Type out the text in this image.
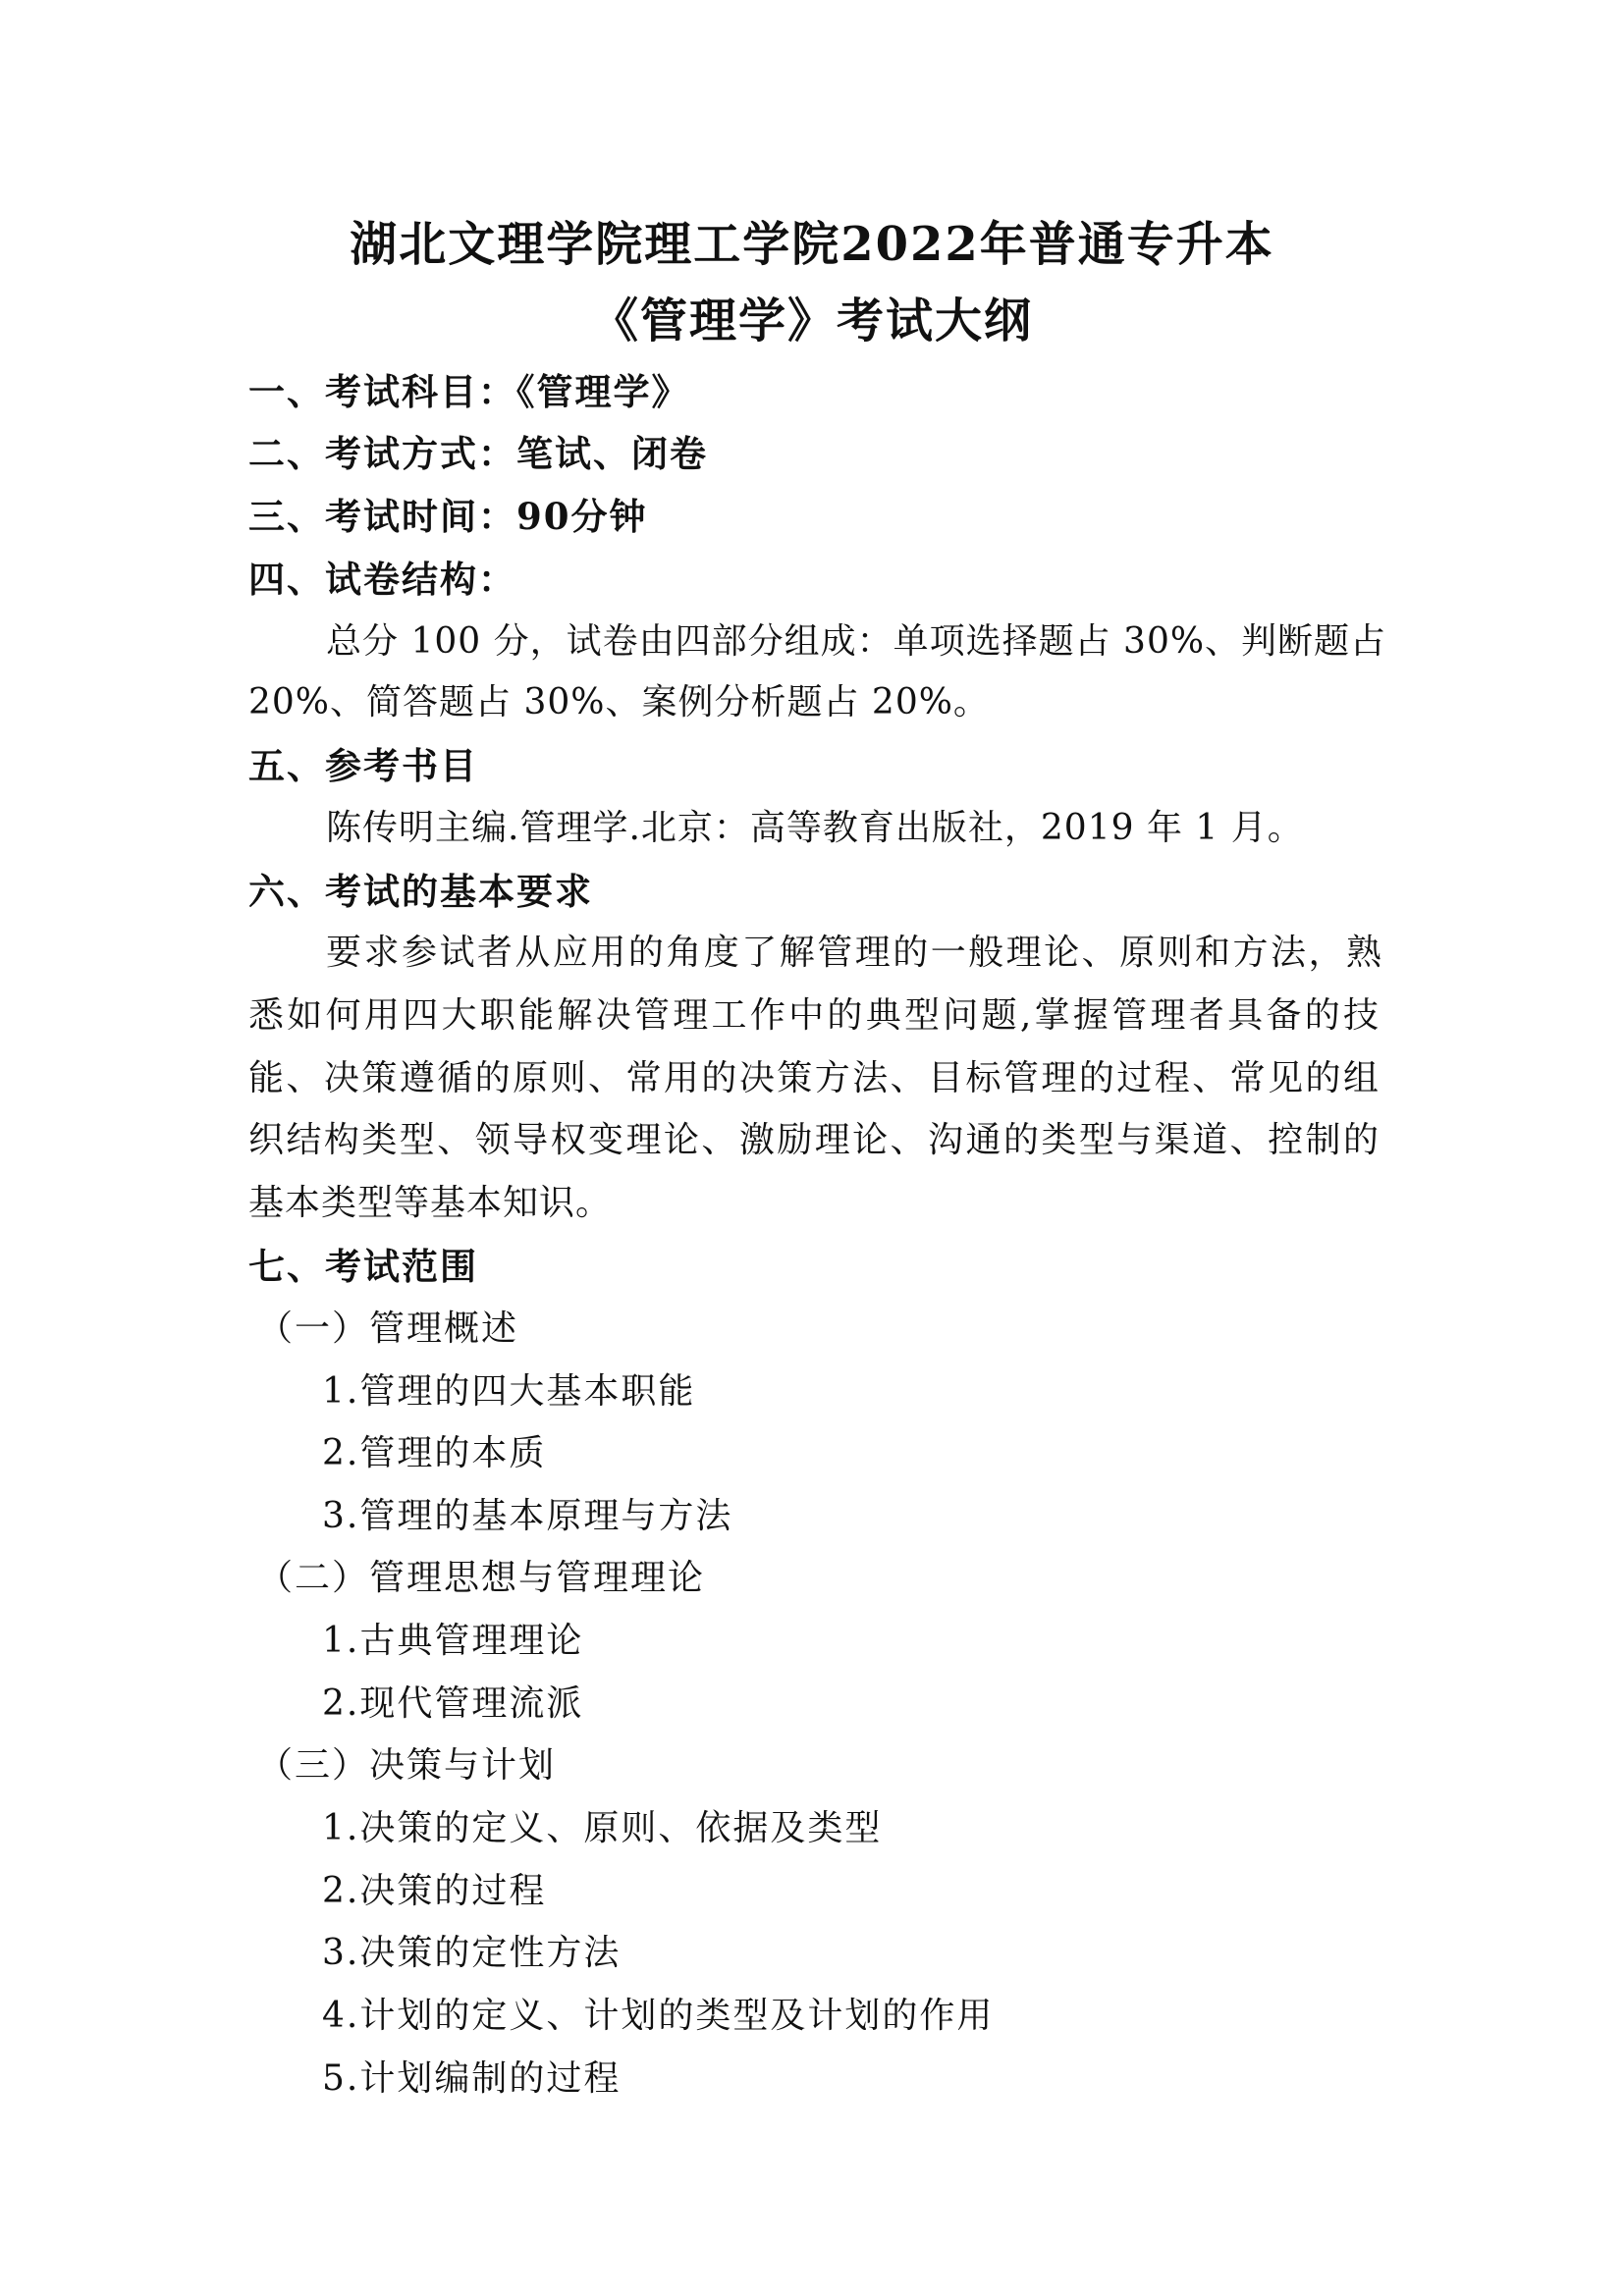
湖北文理学院理工学院2022年普通专升本
《管理学》考试大纲
一、考试科目：《管理学》
二、考试方式：笔试、闭卷
三、考试时间：90分钟
四、试卷结构：
总分 100 分，试卷由四部分组成：单项选择题占 30%、判断题占
20%、简答题占 30%、案例分析题占 20%。
五、参考书目
陈传明主编.管理学.北京：高等教育出版社，2019 年 1 月。
六、考试的基本要求
要求参试者从应用的角度了解管理的一般理论、原则和方法，熟
悉如何用四大职能解决管理工作中的典型问题,掌握管理者具备的技
能、决策遵循的原则、常用的决策方法、目标管理的过程、常见的组
织结构类型、领导权变理论、激励理论、沟通的类型与渠道、控制的
基本类型等基本知识。
七、考试范围
（一）管理概述
1.管理的四大基本职能
2.管理的本质
3.管理的基本原理与方法
（二）管理思想与管理理论
1.古典管理理论
2.现代管理流派
（三）决策与计划
1.决策的定义、原则、依据及类型
2.决策的过程
3.决策的定性方法
4.计划的定义、计划的类型及计划的作用
5.计划编制的过程
